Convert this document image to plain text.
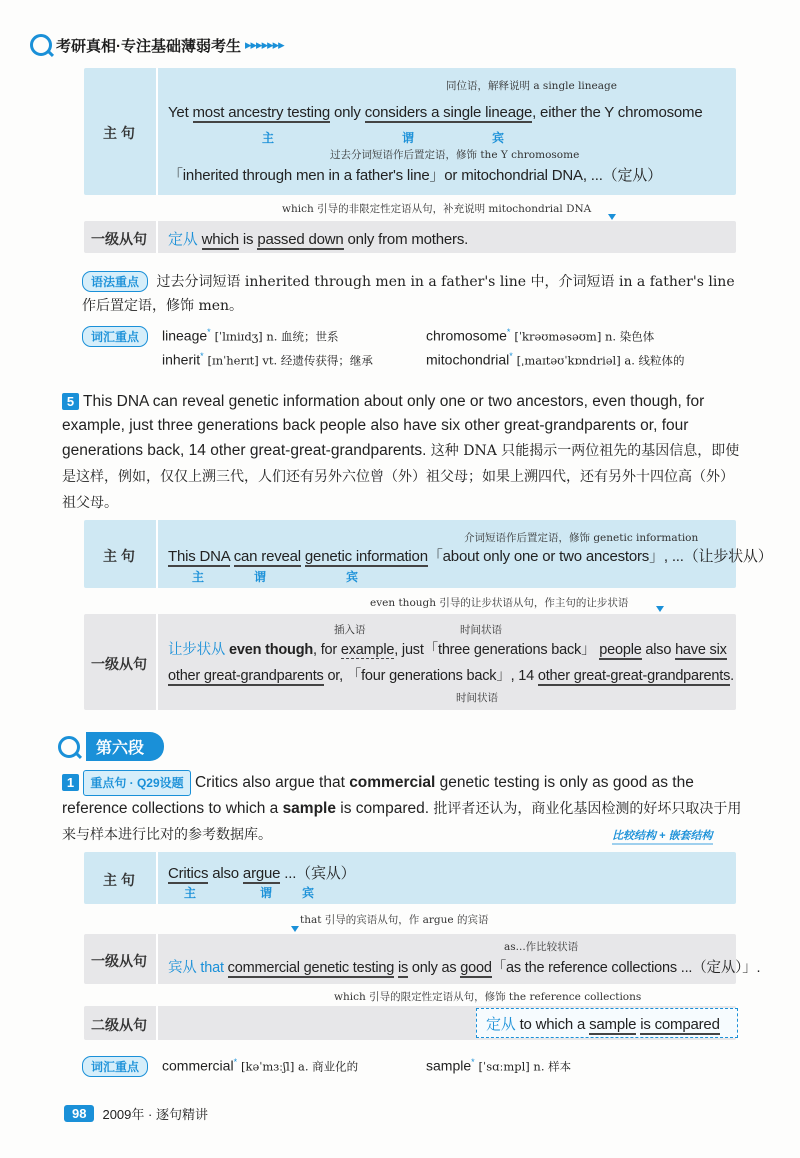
考研真相·专注基础薄弱考生 ▸▸▸▸▸▸▸
主 句
同位语，解释说明 a single lineage
Yet most ancestry testing only considers a single lineage, either the Y chromosome
主	谓	宾
过去分词短语作后置定语，修饰 the Y chromosome
「inherited through men in a father's line」or mitochondrial DNA, ...（定从）
which 引导的非限定性定语从句，补充说明 mitochondrial DNA
一级从句	定从 which is passed down only from mothers.
语法重点 过去分词短语 inherited through men in a father's line 中，介词短语 in a father's line 作后置定语，修饰 men。
词汇重点	lineage* [ˈlɪniɪdʒ] n. 血统；世系	chromosome* [ˈkrəʊməsəʊm] n. 染色体
inherit* [ɪnˈherɪt] vt. 经遗传获得；继承	mitochondrial* [ˌmaɪtəʊˈkɒndriəl] a. 线粒体的
5 This DNA can reveal genetic information about only one or two ancestors, even though, for example, just three generations back people also have six other great-grandparents or, four generations back, 14 other great-great-grandparents. 这种 DNA 只能揭示一两位祖先的基因信息，即使是这样，例如，仅仅上溯三代，人们还有另外六位曾（外）祖父母；如果上溯四代，还有另外十四位高（外）祖父母。
主 句
介词短语作后置定语，修饰 genetic information
This DNA can reveal genetic information「about only one or two ancestors」, ...（让步状从）
主	谓	宾
even though 引导的让步状语从句，作主句的让步状语
一级从句
插入语	时间状语
让步状从 even though, for example, just「three generations back」 people also have six
other great-grandparents or, 「four generations back」, 14 other great-great-grandparents.
时间状语
第六段
1 重点句 · Q29设题 Critics also argue that commercial genetic testing is only as good as the reference collections to which a sample is compared. 批评者还认为，商业化基因检测的好坏只取决于用来与样本进行比对的参考数据库。	比较结构 + 嵌套结构
主 句	Critics also argue ...（宾从）
主	谓 宾
that 引导的宾语从句，作 argue 的宾语
一级从句
as...作比较状语
宾从 that commercial genetic testing is only as good「as the reference collections ...（定从）」.
which 引导的限定性定语从句，修饰 the reference collections
二级从句	定从 to which a sample is compared
词汇重点	commercial* [kəˈmɜːʃl] a. 商业化的	sample* [ˈsɑːmpl] n. 样本
98	2009年 · 逐句精讲
